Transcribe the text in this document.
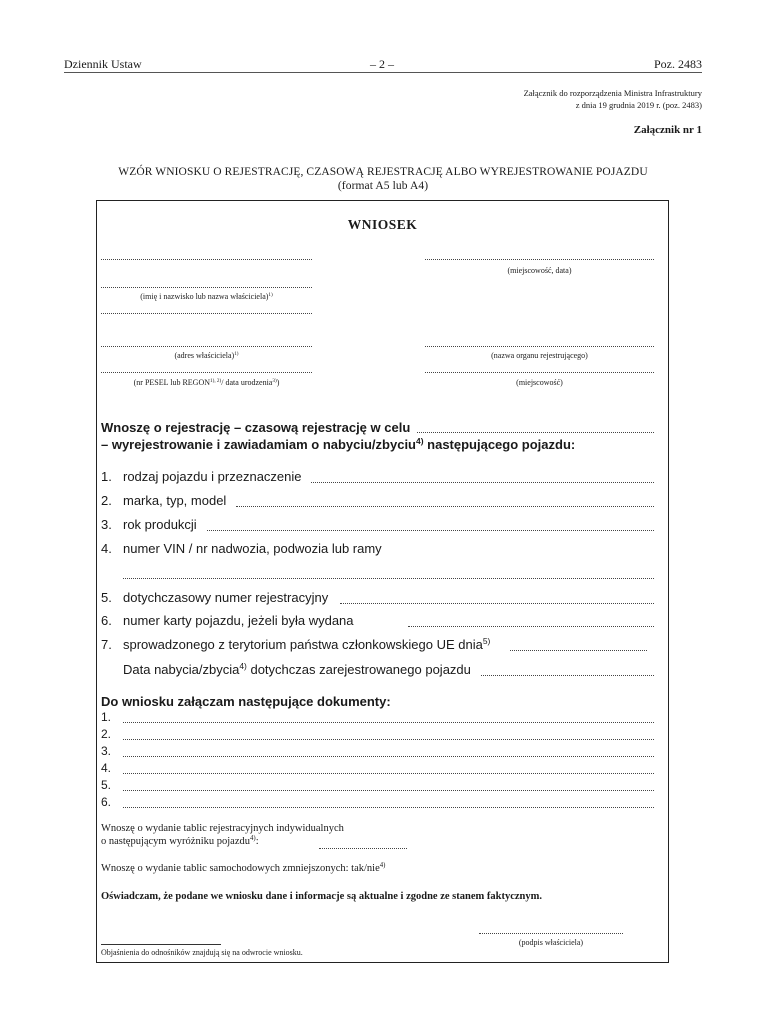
Dziennik Ustaw	– 2 –	Poz. 2483
Załącznik do rozporządzenia Ministra Infrastruktury
z dnia 19 grudnia 2019 r. (poz. 2483)
Załącznik nr 1
WZÓR WNIOSKU O REJESTRACJĘ, CZASOWĄ REJESTRACJĘ ALBO WYREJESTROWANIE POJAZDU
(format A5 lub A4)
WNIOSEK
(imię i nazwisko lub nazwa właściciela)$^{1)}$
(adres właściciela)$^{1)}$
(nr PESEL lub $REGON^{1), 2)}/$ data urodzenia$^{3)}$)
(miejscowość, data)
(nazwa organu rejestrującego)
(miejscowość)
Wnoszę o rejestrację – czasową rejestrację w celu
– wyrejestrowanie i zawiadamiam o nabyciu/zbyciu$^{4)}$ następującego pojazdu:
1. rodzaj pojazdu i przeznaczenie
2. marka, typ, model
3. rok produkcji
4. numer VIN / nr nadwozia, podwozia lub ramy
5. dotychczasowy numer rejestracyjny
6. numer karty pojazdu, jeżeli była wydana
7. sprowadzonego z terytorium państwa członkowskiego UE dnia$^{5)}$
Data nabycia/zbycia$^{4)}$ dotychczas zarejestrowanego pojazdu
Do wniosku załączam następujące dokumenty:
1.
2.
3.
4.
5.
6.
Wnoszę o wydanie tablic rejestracyjnych indywidualnych
o następującym wyróżniku pojazdu$^{4)}$:
Wnoszę o wydanie tablic samochodowych zmniejszonych: tak/nie$^{4)}$
Oświadczam, że podane we wniosku dane i informacje są aktualne i zgodne ze stanem faktycznym.
(podpis właściciela)
Objaśnienia do odnośników znajdują się na odwrocie wniosku.
